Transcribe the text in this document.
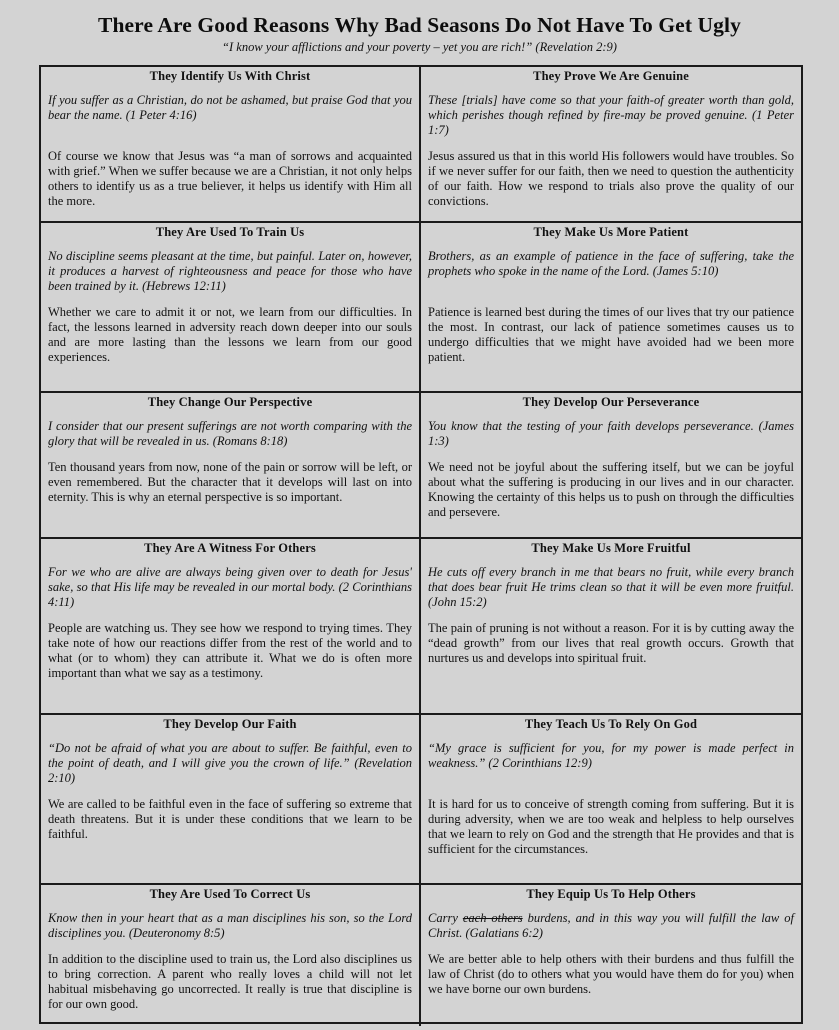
There Are Good Reasons Why Bad Seasons Do Not Have To Get Ugly
“I know your afflictions and your poverty – yet you are rich!” (Revelation 2:9)
They Identify Us With Christ

If you suffer as a Christian, do not be ashamed, but praise God that you bear the name. (1 Peter 4:16)

Of course we know that Jesus was “a man of sorrows and acquainted with grief.” When we suffer because we are a Christian, it not only helps others to identify us as a true believer, it helps us identify with Him all the more.

They Prove We Are Genuine

These [trials] have come so that your faith-of greater worth than gold, which perishes though refined by fire-may be proved genuine. (1 Peter 1:7)

Jesus assured us that in this world His followers would have troubles. So if we never suffer for our faith, then we need to question the authenticity of our faith. How we respond to trials also prove the quality of our convictions.

They Are Used To Train Us

No discipline seems pleasant at the time, but painful. Later on, however, it produces a harvest of righteousness and peace for those who have been trained by it. (Hebrews 12:11)

Whether we care to admit it or not, we learn from our difficulties. In fact, the lessons learned in adversity reach down deeper into our souls and are more lasting than the lessons we learn from our good experiences.

They Make Us More Patient

Brothers, as an example of patience in the face of suffering, take the prophets who spoke in the name of the Lord. (James 5:10)

Patience is learned best during the times of our lives that try our patience the most. In contrast, our lack of patience sometimes causes us to undergo difficulties that we might have avoided had we been more patient.

They Change Our Perspective

I consider that our present sufferings are not worth comparing with the glory that will be revealed in us. (Romans 8:18)

Ten thousand years from now, none of the pain or sorrow will be left, or even remembered. But the character that it develops will last on into eternity. This is why an eternal perspective is so important.

They Develop Our Perseverance

You know that the testing of your faith develops perseverance. (James 1:3)

We need not be joyful about the suffering itself, but we can be joyful about what the suffering is producing in our lives and in our character. Knowing the certainty of this helps us to push on through the difficulties and persevere.

They Are A Witness For Others

For we who are alive are always being given over to death for Jesus' sake, so that His life may be revealed in our mortal body. (2 Corinthians 4:11)

People are watching us. They see how we respond to trying times. They take note of how our reactions differ from the rest of the world and to what (or to whom) they can attribute it. What we do is often more important than what we say as a testimony.

They Make Us More Fruitful

He cuts off every branch in me that bears no fruit, while every branch that does bear fruit He trims clean so that it will be even more fruitful. (John 15:2)

The pain of pruning is not without a reason. For it is by cutting away the “dead growth” from our lives that real growth occurs. Growth that nurtures us and develops into spiritual fruit.

They Develop Our Faith

“Do not be afraid of what you are about to suffer. Be faithful, even to the point of death, and I will give you the crown of life.” (Revelation 2:10)

We are called to be faithful even in the face of suffering so extreme that death threatens. But it is under these conditions that we learn to be faithful.

They Teach Us To Rely On God

“My grace is sufficient for you, for my power is made perfect in weakness.” (2 Corinthians 12:9)

It is hard for us to conceive of strength coming from suffering. But it is during adversity, when we are too weak and helpless to help ourselves that we learn to rely on God and the strength that He provides and that is sufficient for the circumstances.

They Are Used To Correct Us

Know then in your heart that as a man disciplines his son, so the Lord disciplines you. (Deuteronomy 8:5)

In addition to the discipline used to train us, the Lord also disciplines us to bring correction. A parent who really loves a child will not let habitual misbehaving go uncorrected. It really is true that discipline is for our own good.

They Equip Us To Help Others

Carry each others burdens, and in this way you will fulfill the law of Christ. (Galatians 6:2)

We are better able to help others with their burdens and thus fulfill the law of Christ (do to others what you would have them do for you) when we have borne our own burdens.
